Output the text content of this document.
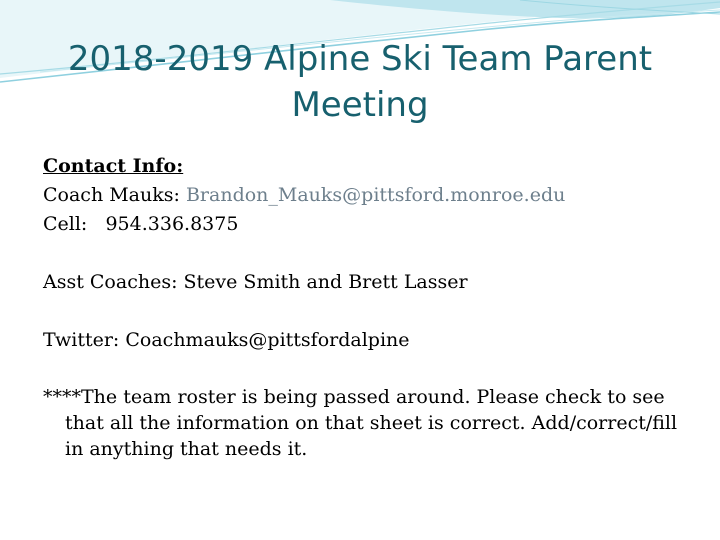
2018-2019 Alpine Ski Team Parent Meeting

Contact Info:

Coach Mauks: Brandon_Mauks@pittsford.monroe.edu

Cell: 954.336.8375

Asst Coaches: Steve Smith and Brett Lasser

Twitter: Coachmauks@pittsfordalpine

****The team roster is being passed around. Please check to see that all the information on that sheet is correct. Add/correct/fill in anything that needs it.
